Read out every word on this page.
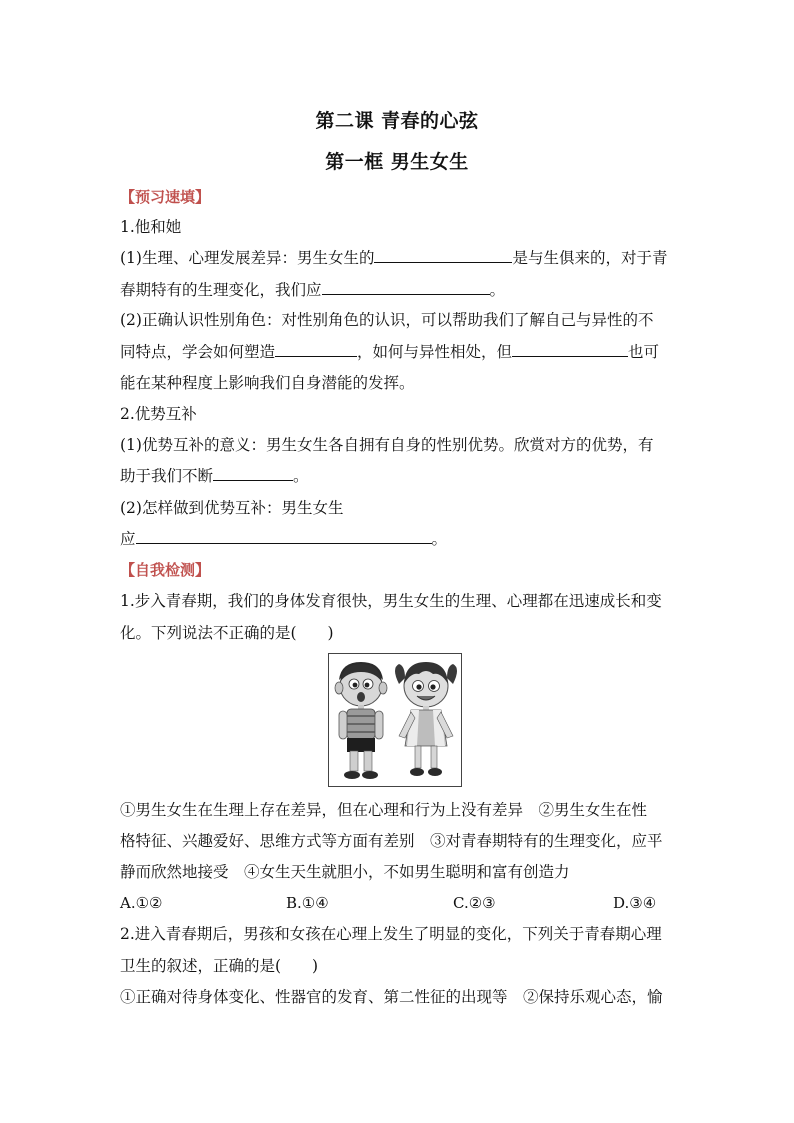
第二课 青春的心弦
第一框 男生女生
【预习速填】
1.他和她
(1)生理、心理发展差异：男生女生的	是与生俱来的，对于青
春期特有的生理变化，我们应	。
(2)正确认识性别角色：对性别角色的认识，可以帮助我们了解自己与异性的不
同特点，学会如何塑造	，如何与异性相处，但	也可
能在某种程度上影响我们自身潜能的发挥。
2.优势互补
(1)优势互补的意义：男生女生各自拥有自身的性别优势。欣赏对方的优势，有
助于我们不断	。
(2)怎样做到优势互补：男生女生
应	。
【自我检测】
1.步入青春期，我们的身体发育很快，男生女生的生理、心理都在迅速成长和变
化。下列说法不正确的是(　　)
①男生女生在生理上存在差异，但在心理和行为上没有差异　②男生女生在性
格特征、兴趣爱好、思维方式等方面有差别　③对青春期特有的生理变化，应平
静而欣然地接受　④女生天生就胆小，不如男生聪明和富有创造力
A.①②	B.①④	C.②③	D.③④
2.进入青春期后，男孩和女孩在心理上发生了明显的变化，下列关于青春期心理
卫生的叙述，正确的是(　　)
①正确对待身体变化、性器官的发育、第二性征的出现等　②保持乐观心态，愉
